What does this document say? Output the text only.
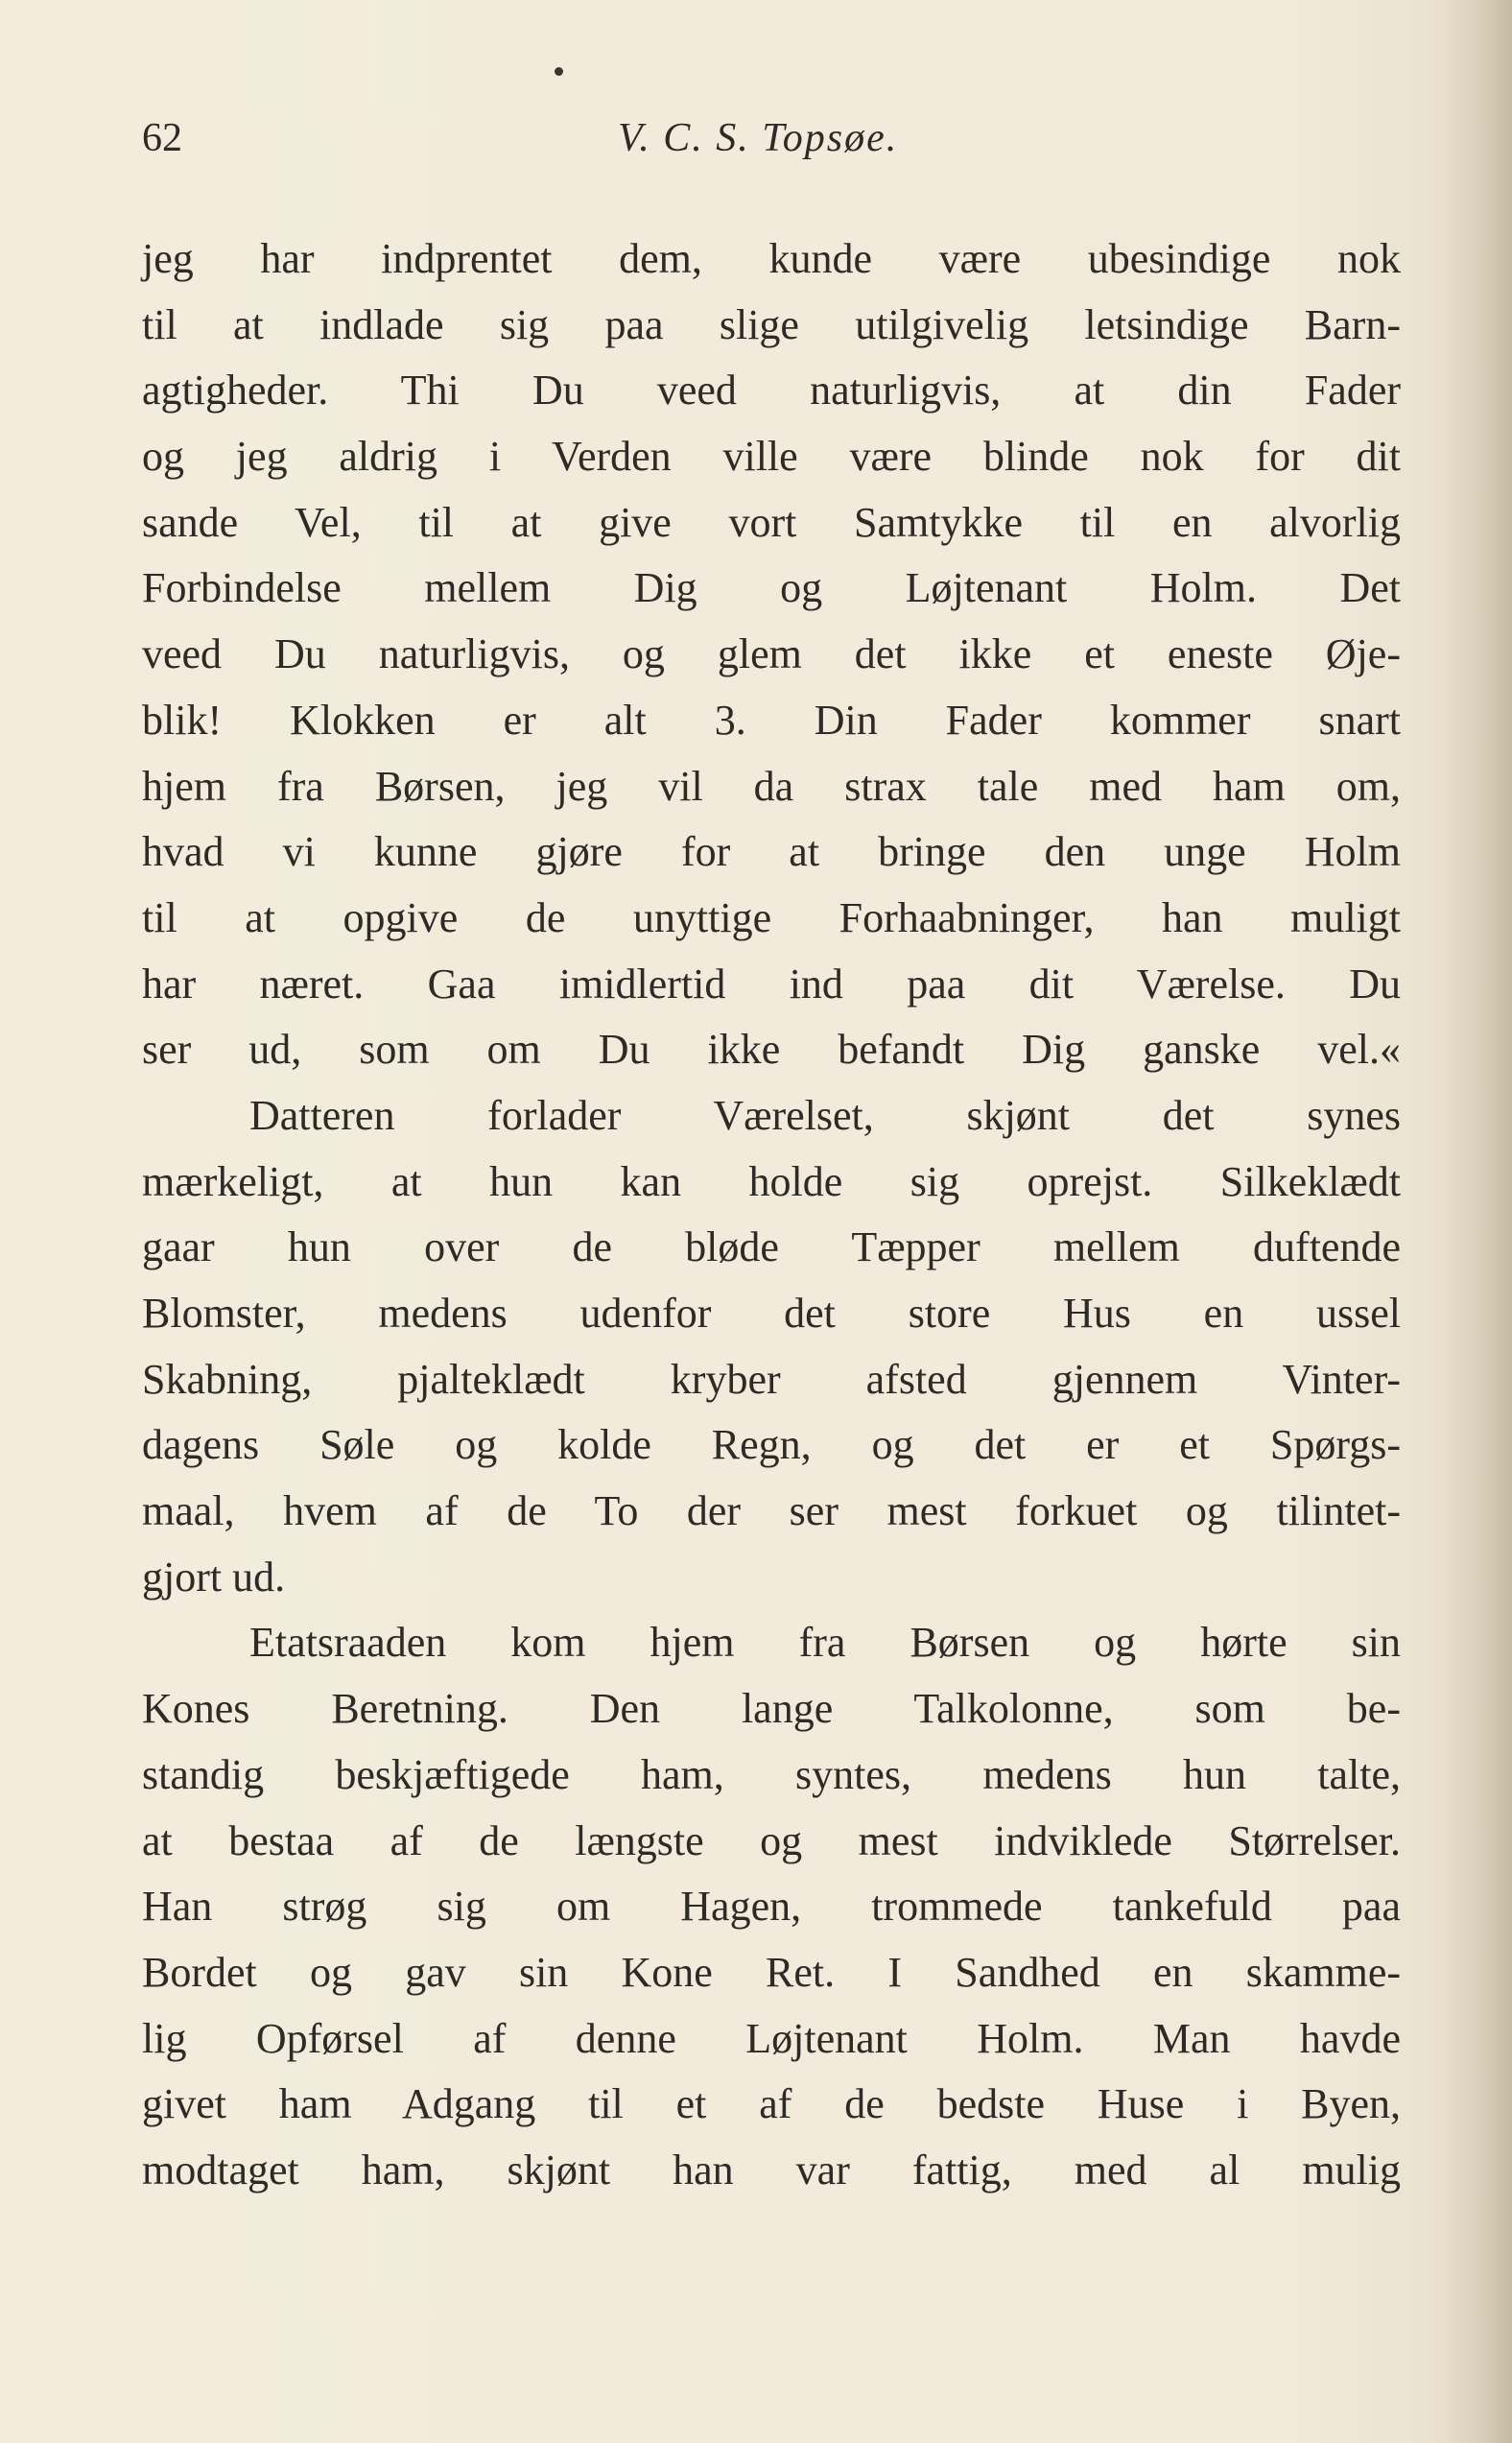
62	V. C. S. Topsøe.
jeg har indprentet dem, kunde være ubesindige nok
til at indlade sig paa slige utilgivelig letsindige Barn-
agtigheder. Thi Du veed naturligvis, at din Fader
og jeg aldrig i Verden ville være blinde nok for dit
sande Vel, til at give vort Samtykke til en alvorlig
Forbindelse mellem Dig og Løjtenant Holm. Det
veed Du naturligvis, og glem det ikke et eneste Øje-
blik! Klokken er alt 3. Din Fader kommer snart
hjem fra Børsen, jeg vil da strax tale med ham om,
hvad vi kunne gjøre for at bringe den unge Holm
til at opgive de unyttige Forhaabninger, han muligt
har næret. Gaa imidlertid ind paa dit Værelse. Du
ser ud, som om Du ikke befandt Dig ganske vel.«
Datteren forlader Værelset, skjønt det synes
mærkeligt, at hun kan holde sig oprejst. Silkeklædt
gaar hun over de bløde Tæpper mellem duftende
Blomster, medens udenfor det store Hus en ussel
Skabning, pjalteklædt kryber afsted gjennem Vinter-
dagens Søle og kolde Regn, og det er et Spørgs-
maal, hvem af de To der ser mest forkuet og tilintet-
gjort ud.
Etatsraaden kom hjem fra Børsen og hørte sin
Kones Beretning. Den lange Talkolonne, som be-
standig beskjæftigede ham, syntes, medens hun talte,
at bestaa af de længste og mest indviklede Størrelser.
Han strøg sig om Hagen, trommede tankefuld paa
Bordet og gav sin Kone Ret. I Sandhed en skamme-
lig Opførsel af denne Løjtenant Holm. Man havde
givet ham Adgang til et af de bedste Huse i Byen,
modtaget ham, skjønt han var fattig, med al mulig
